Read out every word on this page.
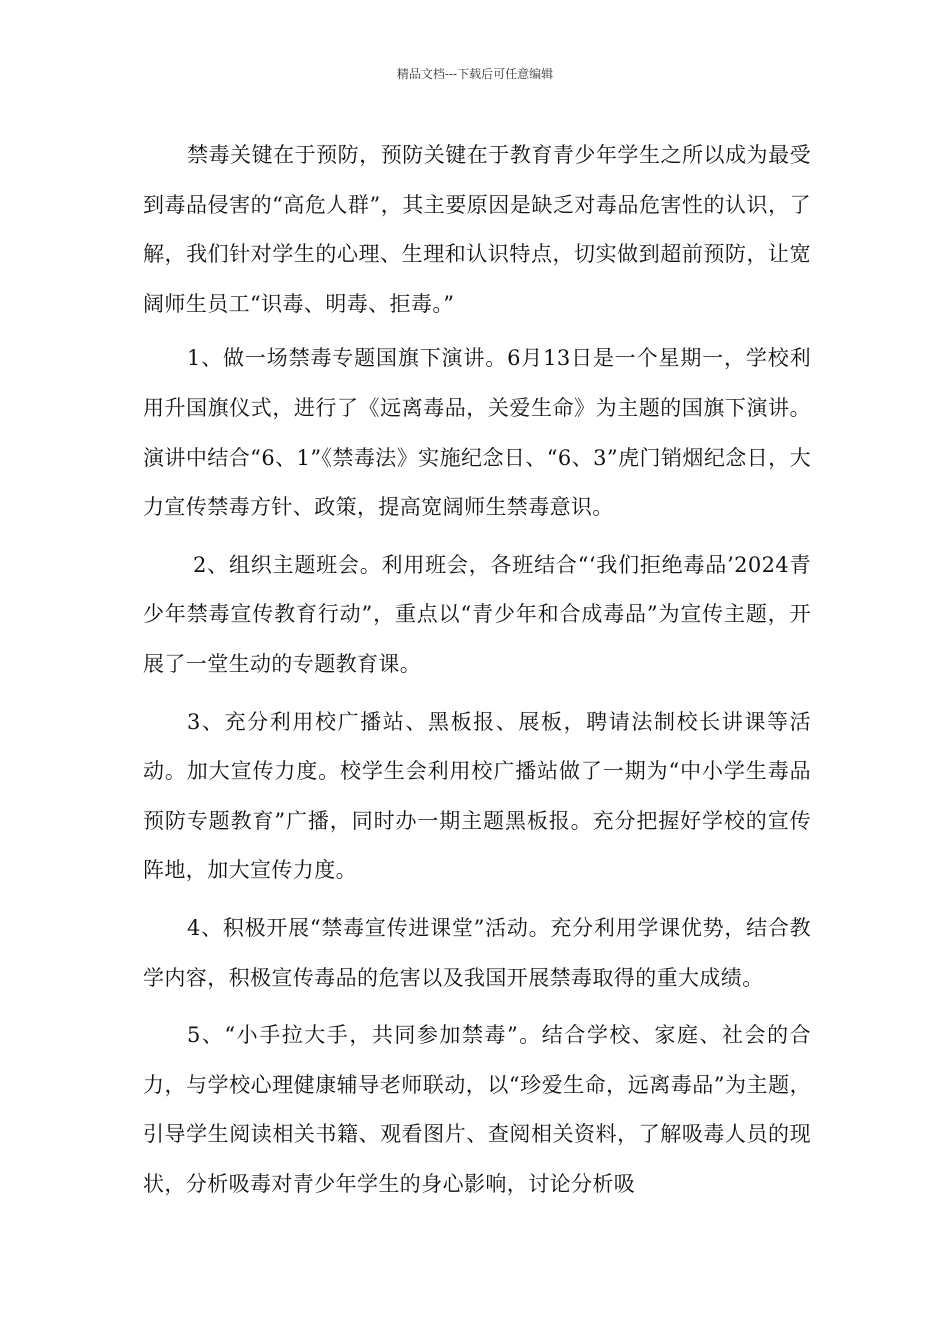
精品文档---下载后可任意编辑

禁毒关键在于预防，预防关键在于教育青少年学生之所以成为最受到毒品侵害的“高危人群”，其主要原因是缺乏对毒品危害性的认识，了解，我们针对学生的心理、生理和认识特点，切实做到超前预防，让宽阔师生员工“识毒、明毒、拒毒。”

1、做一场禁毒专题国旗下演讲。6月13日是一个星期一，学校利用升国旗仪式，进行了《远离毒品，关爱生命》为主题的国旗下演讲。演讲中结合“6、1”《禁毒法》实施纪念日、“6、3”虎门销烟纪念日，大力宣传禁毒方针、政策，提高宽阔师生禁毒意识。

2、组织主题班会。利用班会，各班结合“‘我们拒绝毒品’2024青少年禁毒宣传教育行动”，重点以“青少年和合成毒品”为宣传主题，开展了一堂生动的专题教育课。

3、充分利用校广播站、黑板报、展板，聘请法制校长讲课等活动。加大宣传力度。校学生会利用校广播站做了一期为“中小学生毒品预防专题教育”广播，同时办一期主题黑板报。充分把握好学校的宣传阵地，加大宣传力度。

4、积极开展“禁毒宣传进课堂”活动。充分利用学课优势，结合教学内容，积极宣传毒品的危害以及我国开展禁毒取得的重大成绩。

5、“小手拉大手，共同参加禁毒”。结合学校、家庭、社会的合力，与学校心理健康辅导老师联动，以“珍爱生命，远离毒品”为主题，引导学生阅读相关书籍、观看图片、查阅相关资料，了解吸毒人员的现状，分析吸毒对青少年学生的身心影响，讨论分析吸
